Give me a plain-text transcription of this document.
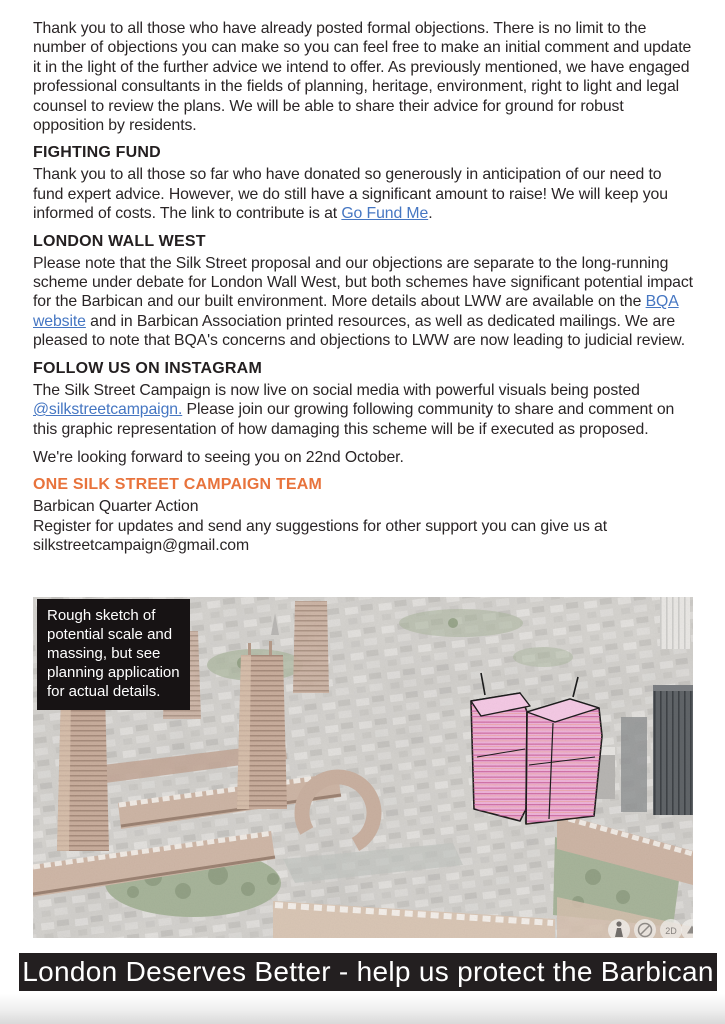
Thank you to all those who have already posted formal objections. There is no limit to the number of objections you can make so you can feel free to make an initial comment and update it in the light of the further advice we intend to offer. As previously mentioned, we have engaged professional consultants in the fields of planning, heritage, environment, right to light and legal counsel to review the plans. We will be able to share their advice for ground for robust opposition by residents.

FIGHTING FUND

Thank you to all those so far who have donated so generously in anticipation of our need to fund expert advice. However, we do still have a significant amount to raise! We will keep you informed of costs. The link to contribute is at Go Fund Me.

LONDON WALL WEST

Please note that the Silk Street proposal and our objections are separate to the long-running scheme under debate for London Wall West, but both schemes have significant potential impact for the Barbican and our built environment. More details about LWW are available on the BQA website and in Barbican Association printed resources, as well as dedicated mailings. We are pleased to note that BQA's concerns and objections to LWW are now leading to judicial review.

FOLLOW US ON INSTAGRAM

The Silk Street Campaign is now live on social media with powerful visuals being posted @silkstreetcampaign. Please join our growing following community to share and comment on this graphic representation of how damaging this scheme will be if executed as proposed.

We're looking forward to seeing you on 22nd October.

ONE SILK STREET CAMPAIGN TEAM
Barbican Quarter Action
Register for updates and send any suggestions for other support you can give us at
silkstreetcampaign@gmail.com
2D
Rough sketch of potential scale and massing, but see planning application for actual details.
London Deserves Better - help us protect the Barbican
